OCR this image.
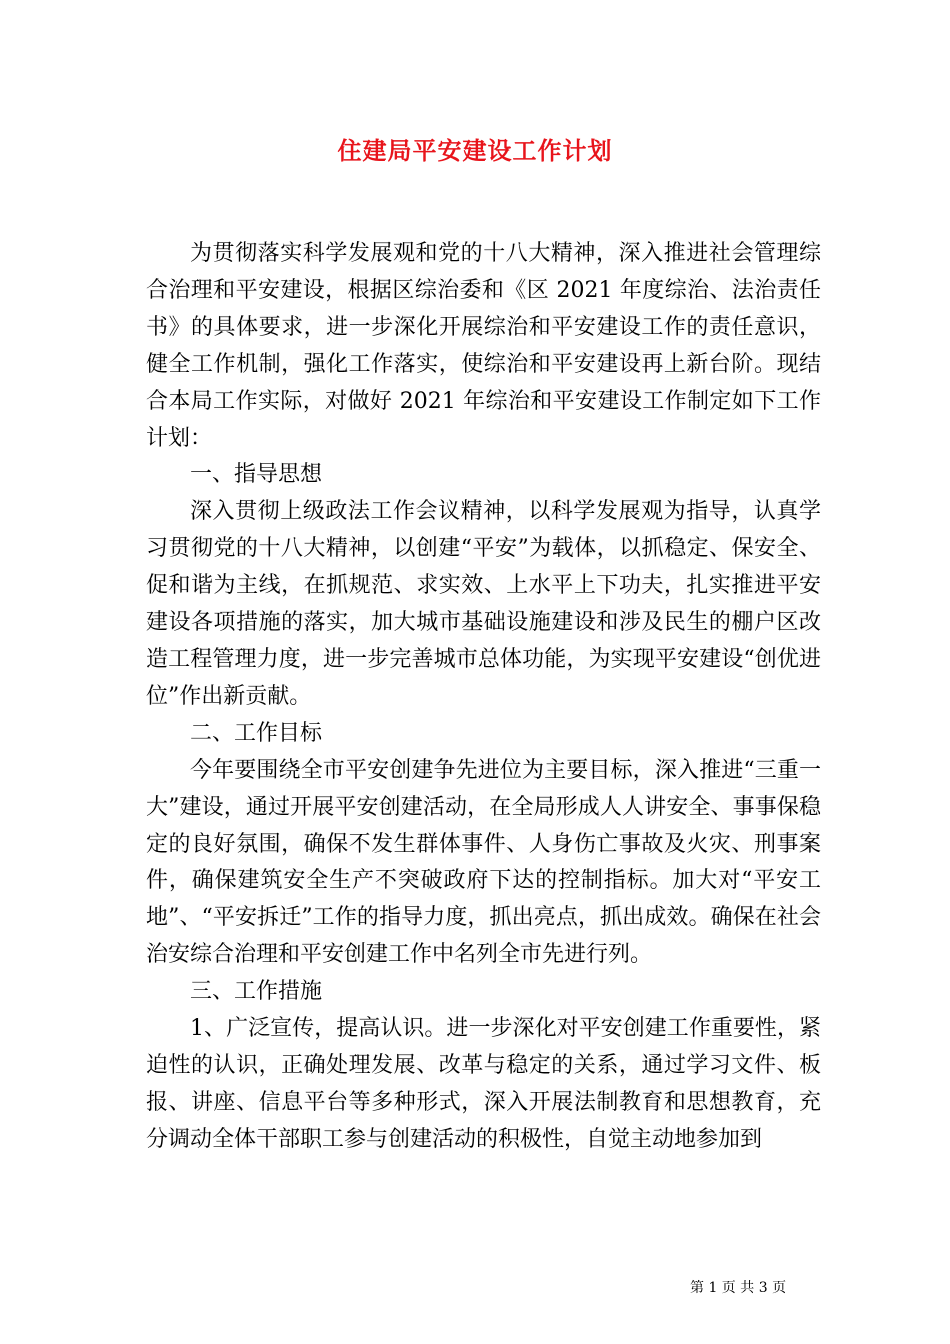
住建局平安建设工作计划

为贯彻落实科学发展观和党的十八大精神，深入推进社会管理综合治理和平安建设，根据区综治委和《区 2021 年度综治、法治责任书》的具体要求，进一步深化开展综治和平安建设工作的责任意识，健全工作机制，强化工作落实，使综治和平安建设再上新台阶。现结合本局工作实际，对做好 2021 年综治和平安建设工作制定如下工作计划：

一、指导思想

深入贯彻上级政法工作会议精神，以科学发展观为指导，认真学习贯彻党的十八大精神，以创建“平安”为载体，以抓稳定、保安全、促和谐为主线，在抓规范、求实效、上水平上下功夫，扎实推进平安建设各项措施的落实，加大城市基础设施建设和涉及民生的棚户区改造工程管理力度，进一步完善城市总体功能，为实现平安建设“创优进位”作出新贡献。

二、工作目标

今年要围绕全市平安创建争先进位为主要目标，深入推进“三重一大”建设，通过开展平安创建活动，在全局形成人人讲安全、事事保稳定的良好氛围，确保不发生群体事件、人身伤亡事故及火灾、刑事案件，确保建筑安全生产不突破政府下达的控制指标。加大对“平安工地”、“平安拆迁”工作的指导力度，抓出亮点，抓出成效。确保在社会治安综合治理和平安创建工作中名列全市先进行列。

三、工作措施

1、广泛宣传，提高认识。进一步深化对平安创建工作重要性，紧迫性的认识，正确处理发展、改革与稳定的关系，通过学习文件、板报、讲座、信息平台等多种形式，深入开展法制教育和思想教育，充分调动全体干部职工参与创建活动的积极性，自觉主动地参加到

第 1 页 共 3 页
